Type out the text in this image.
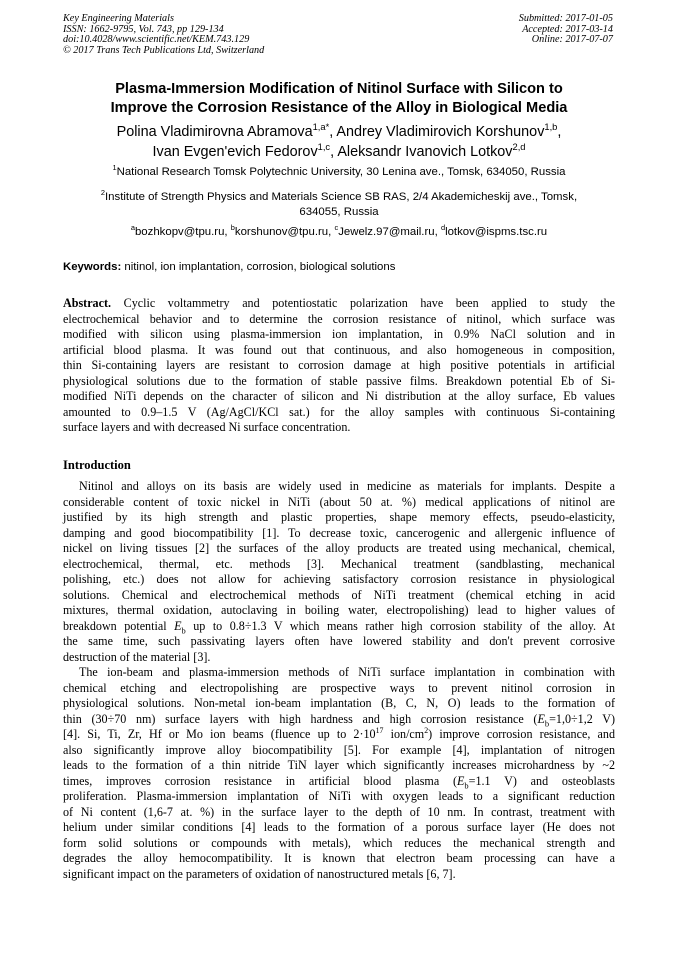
Key Engineering Materials
ISSN: 1662-9795, Vol. 743, pp 129-134
doi:10.4028/www.scientific.net/KEM.743.129
© 2017 Trans Tech Publications Ltd, Switzerland
Submitted: 2017-01-05
Accepted: 2017-03-14
Online: 2017-07-07
Plasma-Immersion Modification of Nitinol Surface with Silicon to
Improve the Corrosion Resistance of the Alloy in Biological Media
Polina Vladimirovna Abramova$^{1,a*}$, Andrey Vladimirovich Korshunov$^{1,b}$,
Ivan Evgen'evich Fedorov$^{1,c}$, Aleksandr Ivanovich Lotkov$^{2,d}$
$^1$National Research Tomsk Polytechnic University, 30 Lenina ave., Tomsk, 634050, Russia
$^2$Institute of Strength Physics and Materials Science SB RAS, 2/4 Akademicheskij ave., Tomsk,
634055, Russia
$^a$bozhkopv@tpu.ru, $^b$korshunov@tpu.ru, $^c$Jewelz.97@mail.ru, $^d$lotkov@ispms.tsc.ru
Keywords: nitinol, ion implantation, corrosion, biological solutions
Abstract. Cyclic voltammetry and potentiostatic polarization have been applied to study the
electrochemical behavior and to determine the corrosion resistance of nitinol, which surface was
modified with silicon using plasma-immersion ion implantation, in 0.9% NaCl solution and in
artificial blood plasma. It was found out that continuous, and also homogeneous in composition,
thin Si-containing layers are resistant to corrosion damage at high positive potentials in artificial
physiological solutions due to the formation of stable passive films. Breakdown potential Eb of Si-
modified NiTi depends on the character of silicon and Ni distribution at the alloy surface, Eb values
amounted to 0.9–1.5 V (Ag/AgCl/KCl sat.) for the alloy samples with continuous Si-containing
surface layers and with decreased Ni surface concentration.
Introduction
Nitinol and alloys on its basis are widely used in medicine as materials for implants. Despite a
considerable content of toxic nickel in NiTi (about 50 at. %) medical applications of nitinol are
justified by its high strength and plastic properties, shape memory effects, pseudo-elasticity,
damping and good biocompatibility [1]. To decrease toxic, cancerogenic and allergenic influence of
nickel on living tissues [2] the surfaces of the alloy products are treated using mechanical, chemical,
electrochemical, thermal, etc. methods [3]. Mechanical treatment (sandblasting, mechanical
polishing, etc.) does not allow for achieving satisfactory corrosion resistance in physiological
solutions. Chemical and electrochemical methods of NiTi treatment (chemical etching in acid
mixtures, thermal oxidation, autoclaving in boiling water, electropolishing) lead to higher values of
breakdown potential $E_b$ up to 0.8÷1.3 V which means rather high corrosion stability of the alloy. At
the same time, such passivating layers often have lowered stability and don't prevent corrosive
destruction of the material [3].
The ion-beam and plasma-immersion methods of NiTi surface implantation in combination with
chemical etching and electropolishing are prospective ways to prevent nitinol corrosion in
physiological solutions. Non-metal ion-beam implantation (B, C, N, O) leads to the formation of
thin (30÷70 nm) surface layers with high hardness and high corrosion resistance ($E_b=1,0\div 1,2$ V)
[4]. Si, Ti, Zr, Hf or Mo ion beams (fluence up to $2\cdot 10^{17}$ ion/$cm^2$) improve corrosion resistance, and
also significantly improve alloy biocompatibility [5]. For example [4], implantation of nitrogen
leads to the formation of a thin nitride TiN layer which significantly increases microhardness by ~2
times, improves corrosion resistance in artificial blood plasma ($E_b=1.1$ V) and osteoblasts
proliferation. Plasma-immersion implantation of NiTi with oxygen leads to a significant reduction
of Ni content (1,6-7 at. %) in the surface layer to the depth of 10 nm. In contrast, treatment with
helium under similar conditions [4] leads to the formation of a porous surface layer (He does not
form solid solutions or compounds with metals), which reduces the mechanical strength and
degrades the alloy hemocompatibility. It is known that electron beam processing can have a
significant impact on the parameters of oxidation of nanostructured metals [6, 7].
